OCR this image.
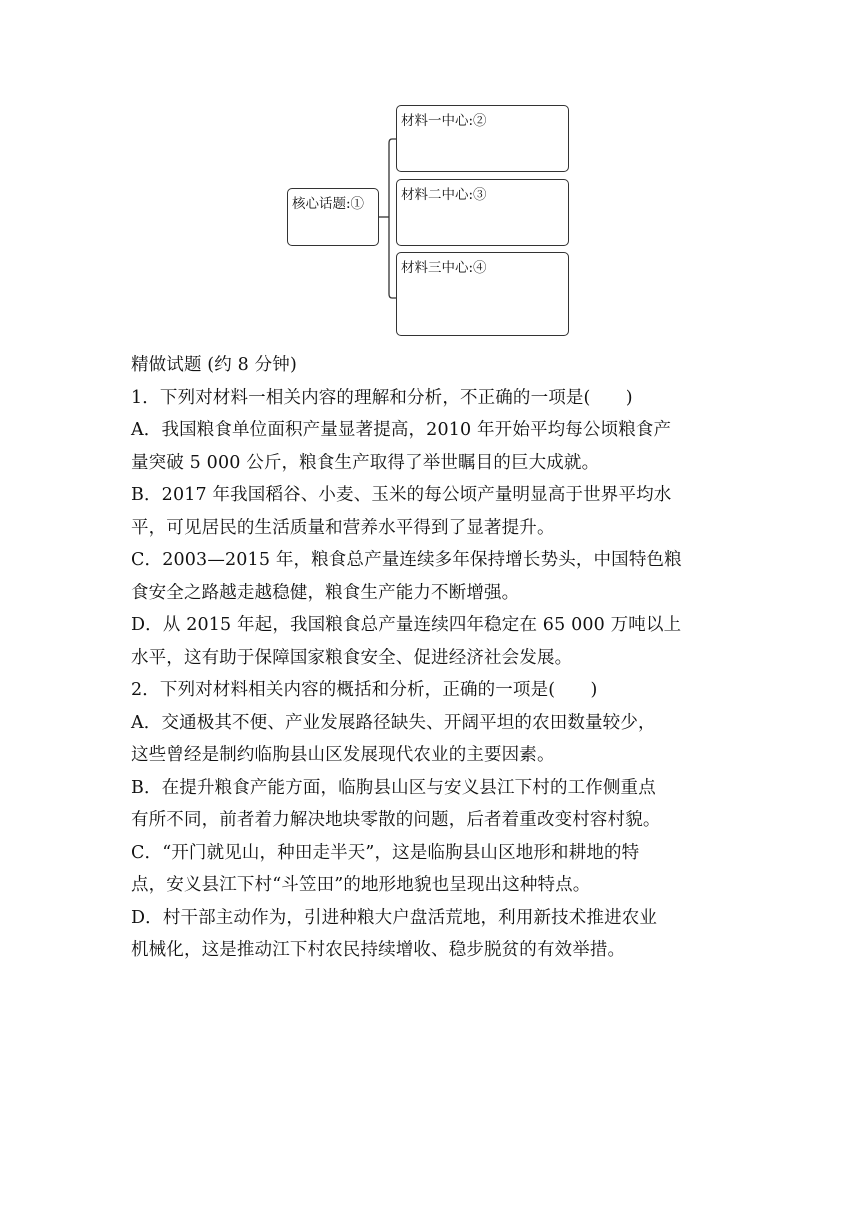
核心话题:①
材料一中心:②
材料二中心:③
材料三中心:④
精做试题 (约 8 分钟)
1．下列对材料一相关内容的理解和分析，不正确的一项是(　　)
A．我国粮食单位面积产量显著提高，2010 年开始平均每公顷粮食产
量突破 5 000 公斤，粮食生产取得了举世瞩目的巨大成就。
B．2017 年我国稻谷、小麦、玉米的每公顷产量明显高于世界平均水
平，可见居民的生活质量和营养水平得到了显著提升。
C．2003—2015 年，粮食总产量连续多年保持增长势头，中国特色粮
食安全之路越走越稳健，粮食生产能力不断增强。
D．从 2015 年起，我国粮食总产量连续四年稳定在 65 000 万吨以上
水平，这有助于保障国家粮食安全、促进经济社会发展。
2．下列对材料相关内容的概括和分析，正确的一项是(　　)
A．交通极其不便、产业发展路径缺失、开阔平坦的农田数量较少，
这些曾经是制约临朐县山区发展现代农业的主要因素。
B．在提升粮食产能方面，临朐县山区与安义县江下村的工作侧重点
有所不同，前者着力解决地块零散的问题，后者着重改变村容村貌。
C．“开门就见山，种田走半天”，这是临朐县山区地形和耕地的特
点，安义县江下村“斗笠田”的地形地貌也呈现出这种特点。
D．村干部主动作为，引进种粮大户盘活荒地，利用新技术推进农业
机械化，这是推动江下村农民持续增收、稳步脱贫的有效举措。
